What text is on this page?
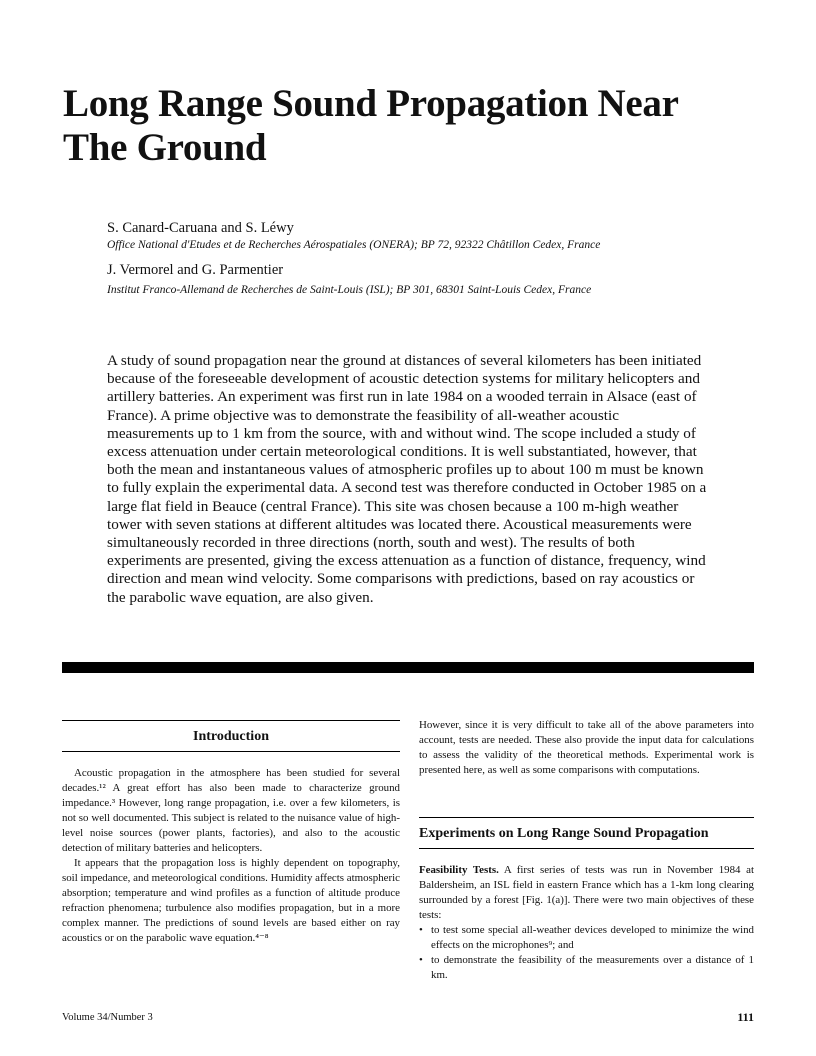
Long Range Sound Propagation Near
The Ground
S. Canard-Caruana and S. Léwy
Office National d'Etudes et de Recherches Aérospatiales (ONERA); BP 72, 92322 Châtillon Cedex, France
J. Vermorel and G. Parmentier
Institut Franco-Allemand de Recherches de Saint-Louis (ISL); BP 301, 68301 Saint-Louis Cedex, France

A study of sound propagation near the ground at distances of several kilometers has been initiated because of the foreseeable development of acoustic detection systems for military helicopters and artillery batteries. An experiment was first run in late 1984 on a wooded terrain in Alsace (east of France). A prime objective was to demonstrate the feasibility of all-weather acoustic measurements up to 1 km from the source, with and without wind. The scope included a study of excess attenuation under certain meteorological conditions. It is well substantiated, however, that both the mean and instantaneous values of atmospheric profiles up to about 100 m must be known to fully explain the experimental data. A second test was therefore conducted in October 1985 on a large flat field in Beauce (central France). This site was chosen because a 100 m-high weather tower with seven stations at different altitudes was located there. Acoustical measurements were simultaneously recorded in three directions (north, south and west). The results of both experiments are presented, giving the excess attenuation as a function of distance, frequency, wind direction and mean wind velocity. Some comparisons with predictions, based on ray acoustics or the parabolic wave equation, are also given.

Introduction

Acoustic propagation in the atmosphere has been studied for several decades.¹² A great effort has also been made to characterize ground impedance.³ However, long range propagation, i.e. over a few kilometers, is not so well documented. This subject is related to the nuisance value of high-level noise sources (power plants, factories), and also to the acoustic detection of military batteries and helicopters.

It appears that the propagation loss is highly dependent on topography, soil impedance, and meteorological conditions. Humidity affects atmospheric absorption; temperature and wind profiles as a function of altitude produce refraction phenomena; turbulence also modifies propagation, but in a more complex manner. The predictions of sound levels are based either on ray acoustics or on the parabolic wave equation.⁴⁻⁸

However, since it is very difficult to take all of the above parameters into account, tests are needed. These also provide the input data for calculations to assess the validity of the theoretical methods. Experimental work is presented here, as well as some comparisons with computations.
Experiments on Long Range Sound Propagation
Feasibility Tests. A first series of tests was run in November 1984 at Baldersheim, an ISL field in eastern France which has a 1-km long clearing surrounded by a forest [Fig. 1(a)]. There were two main objectives of these tests:
• to test some special all-weather devices developed to minimize the wind effects on the microphones⁹; and
• to demonstrate the feasibility of the measurements over a distance of 1 km.
Volume 34/Number 3	111
